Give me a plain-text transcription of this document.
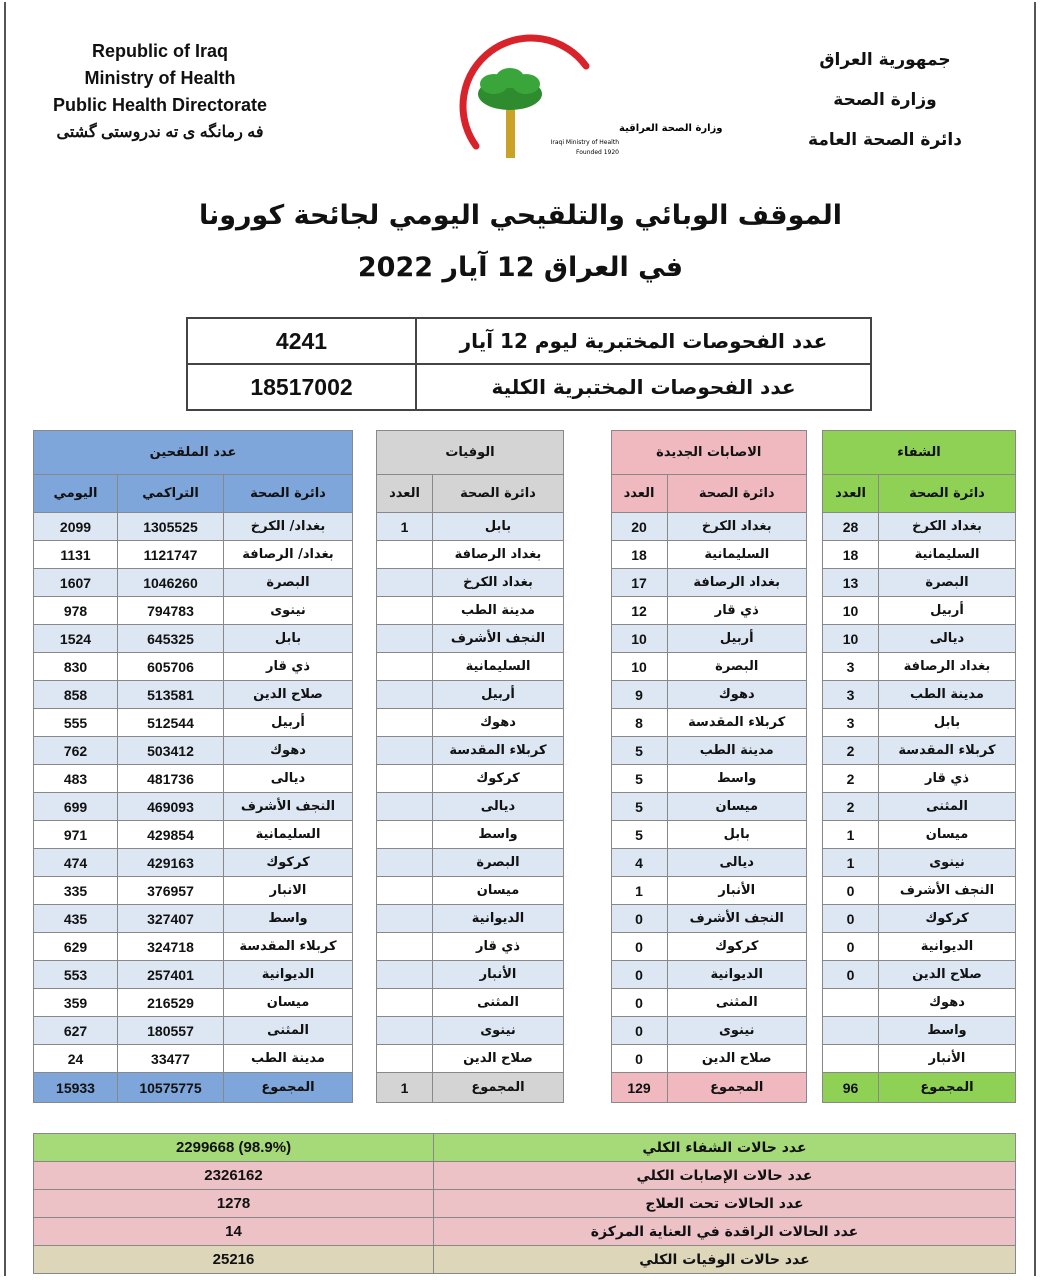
Republic of Iraq
Ministry of Health
Public Health Directorate
فه رمانگه ی ته ندروستی گشتی	وزارة الصحة العراقية
Iraqi Ministry of Health
Founded 1920
جمهورية العراق
وزارة الصحة
دائرة الصحة العامة
الموقف الوبائي والتلقيحي اليومي لجائحة كورونا
في العراق 12 آيار 2022
4241	عدد الفحوصات المختبرية ليوم 12 آيار
18517002	عدد الفحوصات المختبرية الكلية
عدد الملقحين		
اليومي	التراكمي	دائرة الصحة
2099	1305525	بغداد/ الكرخ
1131	1121747	بغداد/ الرصافة
1607	1046260	البصرة
978	794783	نينوى
1524	645325	بابل
830	605706	ذي قار
858	513581	صلاح الدين
555	512544	أربيل
762	503412	دهوك
483	481736	ديالى
699	469093	النجف الأشرف
971	429854	السليمانية
474	429163	كركوك
335	376957	الانبار
435	327407	واسط
629	324718	كربلاء المقدسة
553	257401	الديوانية
359	216529	ميسان
627	180557	المثنى
24	33477	مدينة الطب
15933	10575775	المجموع
الوفيات	
العدد	دائرة الصحة
1	بابل
	بغداد الرصافة
	بغداد الكرخ
	مدينة الطب
	النجف الأشرف
	السليمانية
	أربيل
	دهوك
	كربلاء المقدسة
	كركوك
	ديالى
	واسط
	البصرة
	ميسان
	الديوانية
	ذي قار
	الأنبار
	المثنى
	نينوى
	صلاح الدين
1	المجموع
	الاصابات الجديدة	
	العدد	دائرة الصحة
	20	بغداد الكرخ
	18	السليمانية
	17	بغداد الرصافة
	12	ذي قار
	10	أربيل
	10	البصرة
	9	دهوك
	8	كربلاء المقدسة
	5	مدينة الطب
	5	واسط
	5	ميسان
	5	بابل
	4	ديالى
	1	الأنبار
	0	النجف الأشرف
	0	كركوك
	0	الديوانية
	0	المثنى
	0	نينوى
	0	صلاح الدين
	129	المجموع
الشفاء	
العدد	دائرة الصحة
28	بغداد الكرخ
18	السليمانية
13	البصرة
10	أربيل
10	ديالى
3	بغداد الرصافة
3	مدينة الطب
3	بابل
2	كربلاء المقدسة
2	ذي قار
2	المثنى
1	ميسان
1	نينوى
0	النجف الأشرف
0	كركوك
0	الديوانية
0	صلاح الدين
	دهوك
	واسط
	الأنبار
96	المجموع
(98.9%) 2299668	عدد حالات الشفاء الكلي
2326162	عدد حالات الإصابات الكلي
1278	عدد الحالات تحت العلاج
14	عدد الحالات الراقدة في العناية المركزة
25216	عدد حالات الوفيات الكلي
